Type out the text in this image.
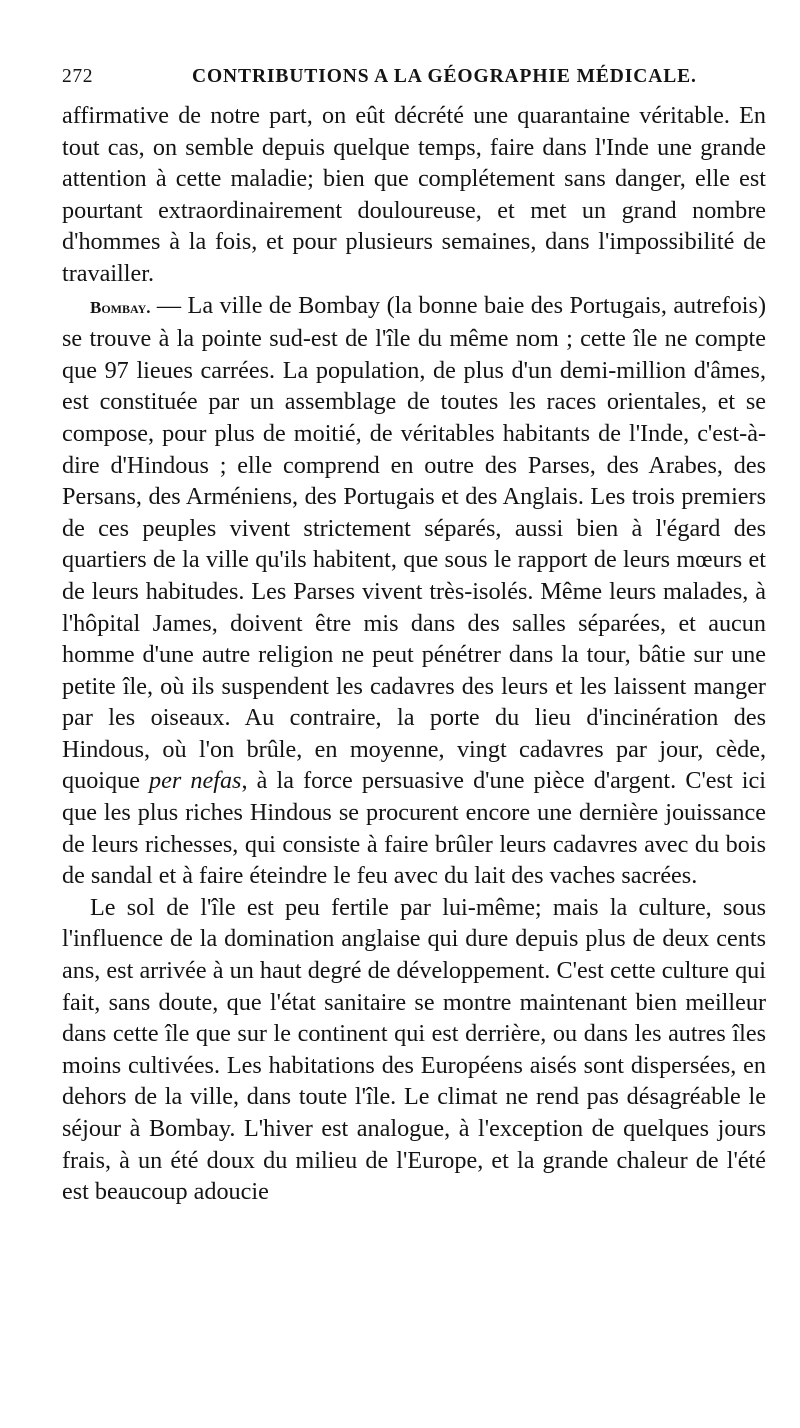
272	CONTRIBUTIONS A LA GÉOGRAPHIE MÉDICALE.

affirmative de notre part, on eût décrété une quarantaine véritable. En tout cas, on semble depuis quelque temps, faire dans l'Inde une grande attention à cette maladie; bien que complétement sans danger, elle est pourtant extraordinairement douloureuse, et met un grand nombre d'hommes à la fois, et pour plusieurs semaines, dans l'impossibilité de travailler.

Bombay. — La ville de Bombay (la bonne baie des Portugais, autrefois) se trouve à la pointe sud-est de l'île du même nom ; cette île ne compte que 97 lieues carrées. La population, de plus d'un demi-million d'âmes, est constituée par un assemblage de toutes les races orientales, et se compose, pour plus de moitié, de véritables habitants de l'Inde, c'est-à-dire d'Hindous ; elle comprend en outre des Parses, des Arabes, des Persans, des Arméniens, des Portugais et des Anglais. Les trois premiers de ces peuples vivent strictement séparés, aussi bien à l'égard des quartiers de la ville qu'ils habitent, que sous le rapport de leurs mœurs et de leurs habitudes. Les Parses vivent très-isolés. Même leurs malades, à l'hôpital James, doivent être mis dans des salles séparées, et aucun homme d'une autre religion ne peut pénétrer dans la tour, bâtie sur une petite île, où ils suspendent les cadavres des leurs et les laissent manger par les oiseaux. Au contraire, la porte du lieu d'incinération des Hindous, où l'on brûle, en moyenne, vingt cadavres par jour, cède, quoique per nefas, à la force persuasive d'une pièce d'argent. C'est ici que les plus riches Hindous se procurent encore une dernière jouissance de leurs richesses, qui consiste à faire brûler leurs cadavres avec du bois de sandal et à faire éteindre le feu avec du lait des vaches sacrées.

Le sol de l'île est peu fertile par lui-même; mais la culture, sous l'influence de la domination anglaise qui dure depuis plus de deux cents ans, est arrivée à un haut degré de développement. C'est cette culture qui fait, sans doute, que l'état sanitaire se montre maintenant bien meilleur dans cette île que sur le continent qui est derrière, ou dans les autres îles moins cultivées. Les habitations des Européens aisés sont dispersées, en dehors de la ville, dans toute l'île. Le climat ne rend pas désagréable le séjour à Bombay. L'hiver est analogue, à l'exception de quelques jours frais, à un été doux du milieu de l'Europe, et la grande chaleur de l'été est beaucoup adoucie
